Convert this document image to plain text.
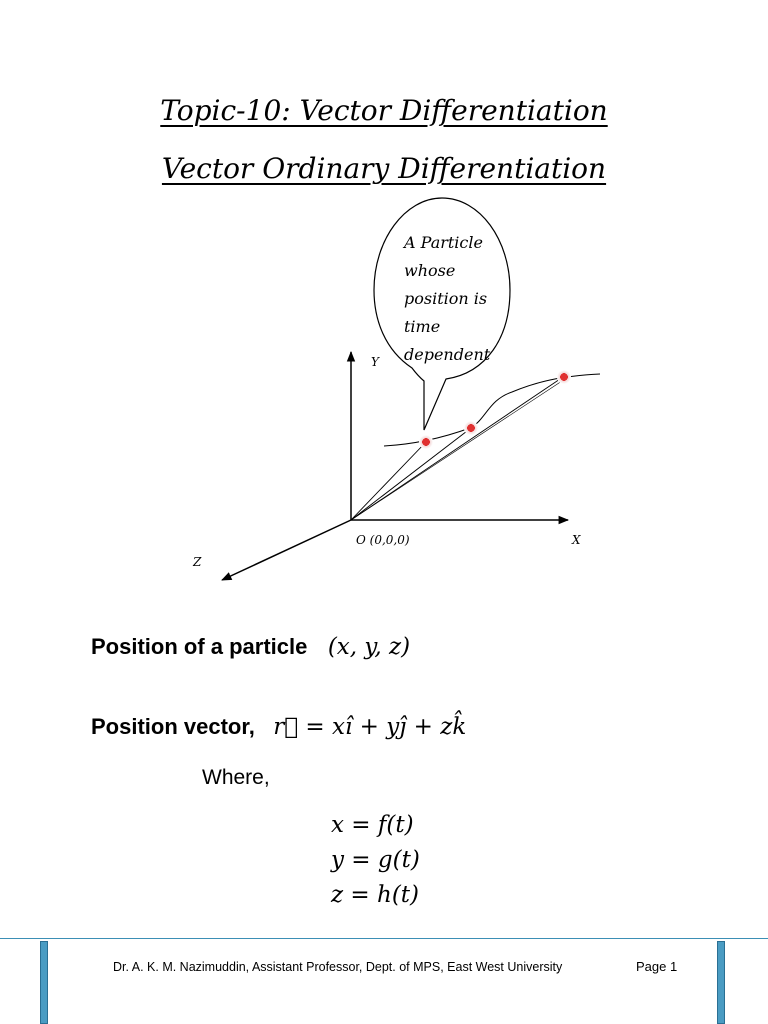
Topic-10: Vector Differentiation
Vector Ordinary Differentiation
A Particle
whose
position is
time
dependent
Y
X
Z
O (0,0,0)
Position of a particle (x, y, z)
Position vector, r⃗ = xî + yĵ + zk̂
Where,
x = f(t)
y = g(t)
z = h(t)
Dr. A. K. M. Nazimuddin, Assistant Professor, Dept. of MPS, East West University	Page 1
